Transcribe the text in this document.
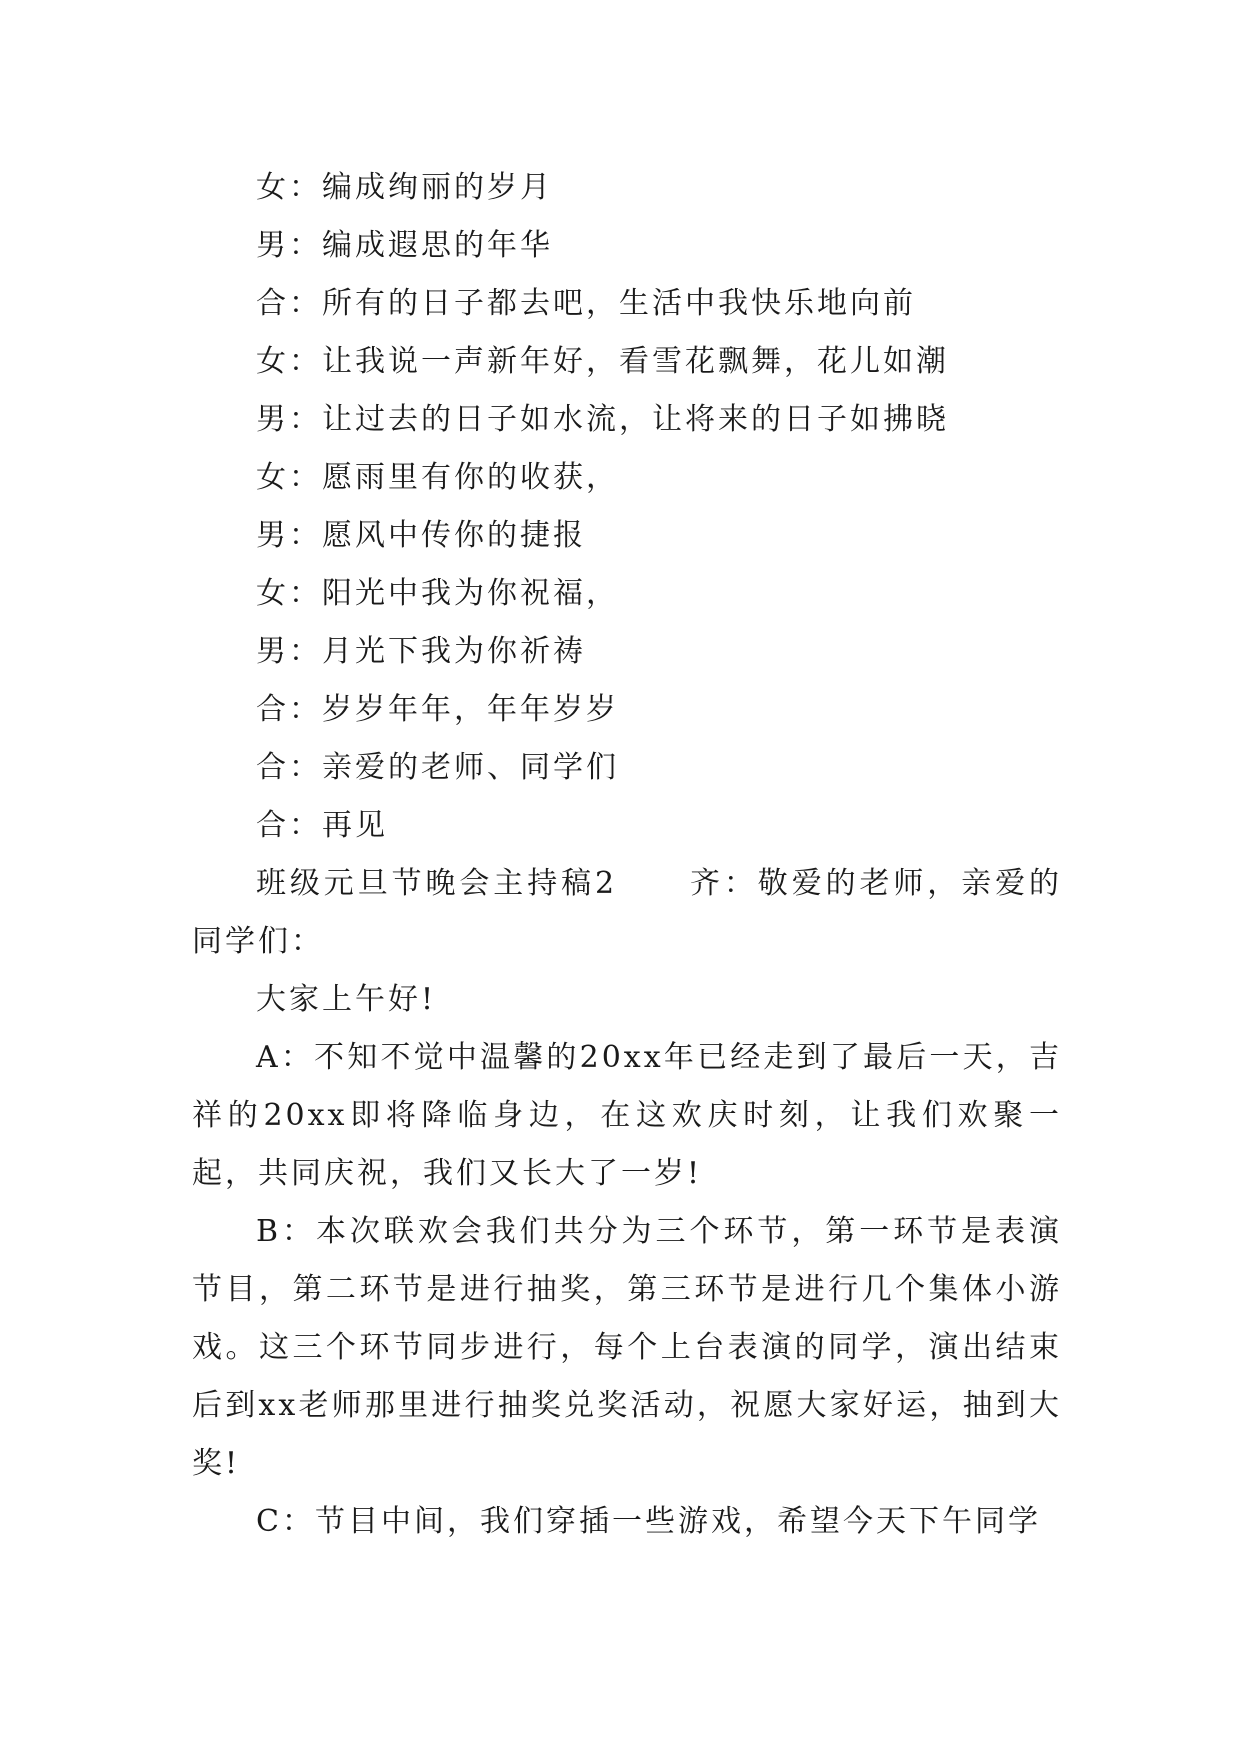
女：编成绚丽的岁月
男：编成遐思的年华
合：所有的日子都去吧，生活中我快乐地向前
女：让我说一声新年好，看雪花飘舞，花儿如潮
男：让过去的日子如水流，让将来的日子如拂晓
女：愿雨里有你的收获，
男：愿风中传你的捷报
女：阳光中我为你祝福，
男：月光下我为你祈祷
合：岁岁年年，年年岁岁
合：亲爱的老师、同学们
合：再见

班级元旦节晚会主持稿2 齐：敬爱的老师，亲爱的同学们：

大家上午好!

A：不知不觉中温馨的20xx年已经走到了最后一天，吉祥的20xx即将降临身边，在这欢庆时刻，让我们欢聚一起，共同庆祝，我们又长大了一岁!

B：本次联欢会我们共分为三个环节，第一环节是表演节目，第二环节是进行抽奖，第三环节是进行几个集体小游戏。这三个环节同步进行，每个上台表演的同学，演出结束后到xx老师那里进行抽奖兑奖活动，祝愿大家好运，抽到大奖!

C：节目中间，我们穿插一些游戏，希望今天下午同学
